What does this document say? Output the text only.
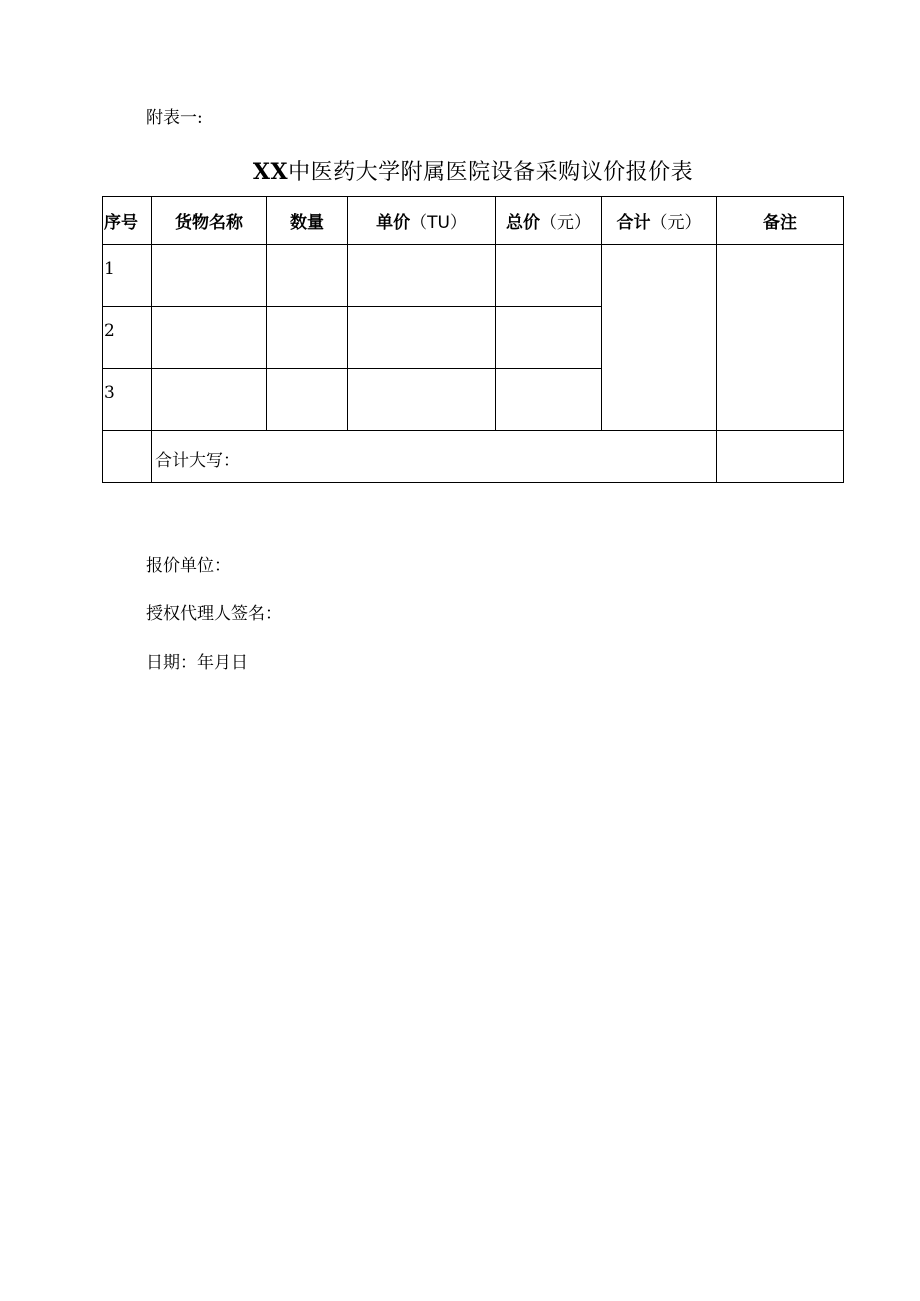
附表一:
XX中医药大学附属医院设备采购议价报价表
序号	货物名称	数量	单价（TU）	总价（元）	合计（元）	备注
1						
2						
3						
	合计大写：					
报价单位：
授权代理人签名：
日期：年月日
